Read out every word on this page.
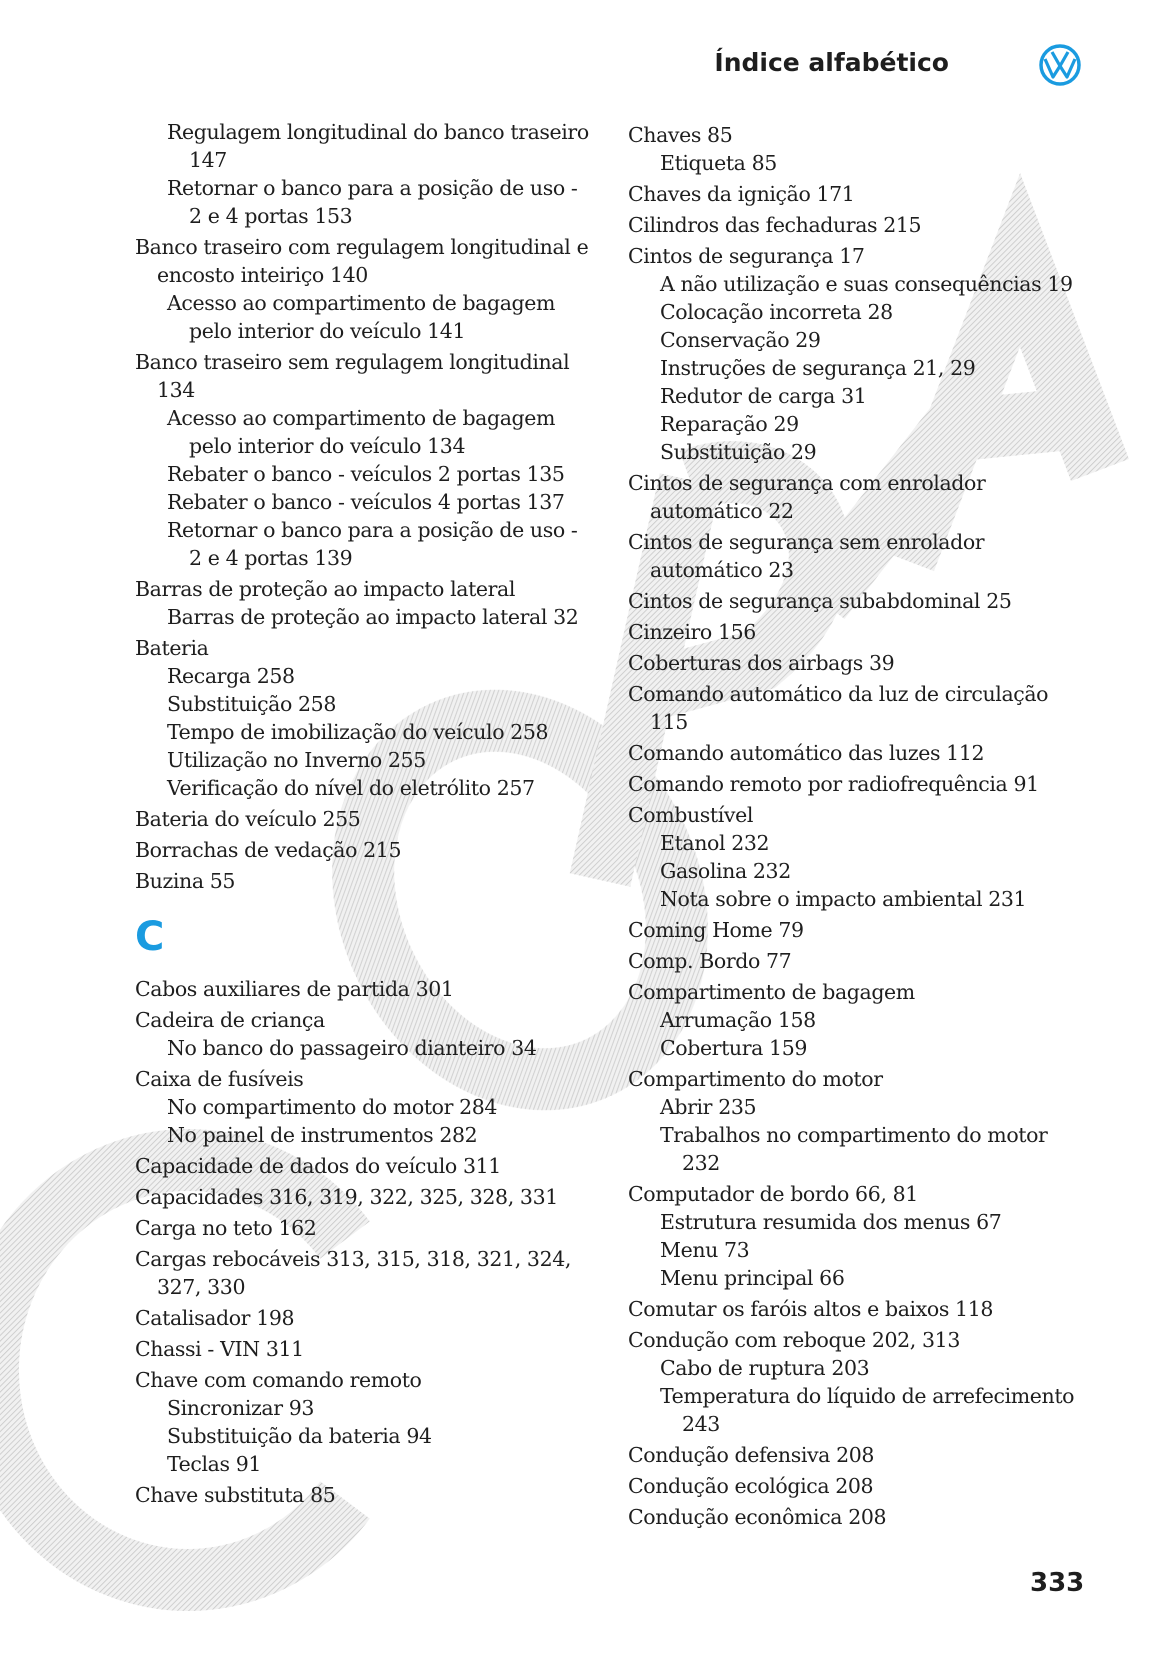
Índice alfabético
Regulagem longitudinal do banco traseiro 147
Retornar o banco para a posição de uso - 2 e 4 portas 153
Banco traseiro com regulagem longitudinal e encosto inteiriço 140
Acesso ao compartimento de bagagem pelo interior do veículo 141
Banco traseiro sem regulagem longitudinal 134
Acesso ao compartimento de bagagem pelo interior do veículo 134
Rebater o banco - veículos 2 portas 135
Rebater o banco - veículos 4 portas 137
Retornar o banco para a posição de uso - 2 e 4 portas 139
Barras de proteção ao impacto lateral
Barras de proteção ao impacto lateral 32
Bateria
Recarga 258
Substituição 258
Tempo de imobilização do veículo 258
Utilização no Inverno 255
Verificação do nível do eletrólito 257
Bateria do veículo 255
Borrachas de vedação 215
Buzina 55
C
Cabos auxiliares de partida 301
Cadeira de criança
No banco do passageiro dianteiro 34
Caixa de fusíveis
No compartimento do motor 284
No painel de instrumentos 282
Capacidade de dados do veículo 311
Capacidades 316, 319, 322, 325, 328, 331
Carga no teto 162
Cargas rebocáveis 313, 315, 318, 321, 324, 327, 330
Catalisador 198
Chassi - VIN 311
Chave com comando remoto
Sincronizar 93
Substituição da bateria 94
Teclas 91
Chave substituta 85
Chaves 85
Etiqueta 85
Chaves da ignição 171
Cilindros das fechaduras 215
Cintos de segurança 17
A não utilização e suas consequências 19
Colocação incorreta 28
Conservação 29
Instruções de segurança 21, 29
Redutor de carga 31
Reparação 29
Substituição 29
Cintos de segurança com enrolador automático 22
Cintos de segurança sem enrolador automático 23
Cintos de segurança subabdominal 25
Cinzeiro 156
Coberturas dos airbags 39
Comando automático da luz de circulação 115
Comando automático das luzes 112
Comando remoto por radiofrequência 91
Combustível
Etanol 232
Gasolina 232
Nota sobre o impacto ambiental 231
Coming Home 79
Comp. Bordo 77
Compartimento de bagagem
Arrumação 158
Cobertura 159
Compartimento do motor
Abrir 235
Trabalhos no compartimento do motor 232
Computador de bordo 66, 81
Estrutura resumida dos menus 67
Menu 73
Menu principal 66
Comutar os faróis altos e baixos 118
Condução com reboque 202, 313
Cabo de ruptura 203
Temperatura do líquido de arrefecimento 243
Condução defensiva 208
Condução ecológica 208
Condução econômica 208
333
